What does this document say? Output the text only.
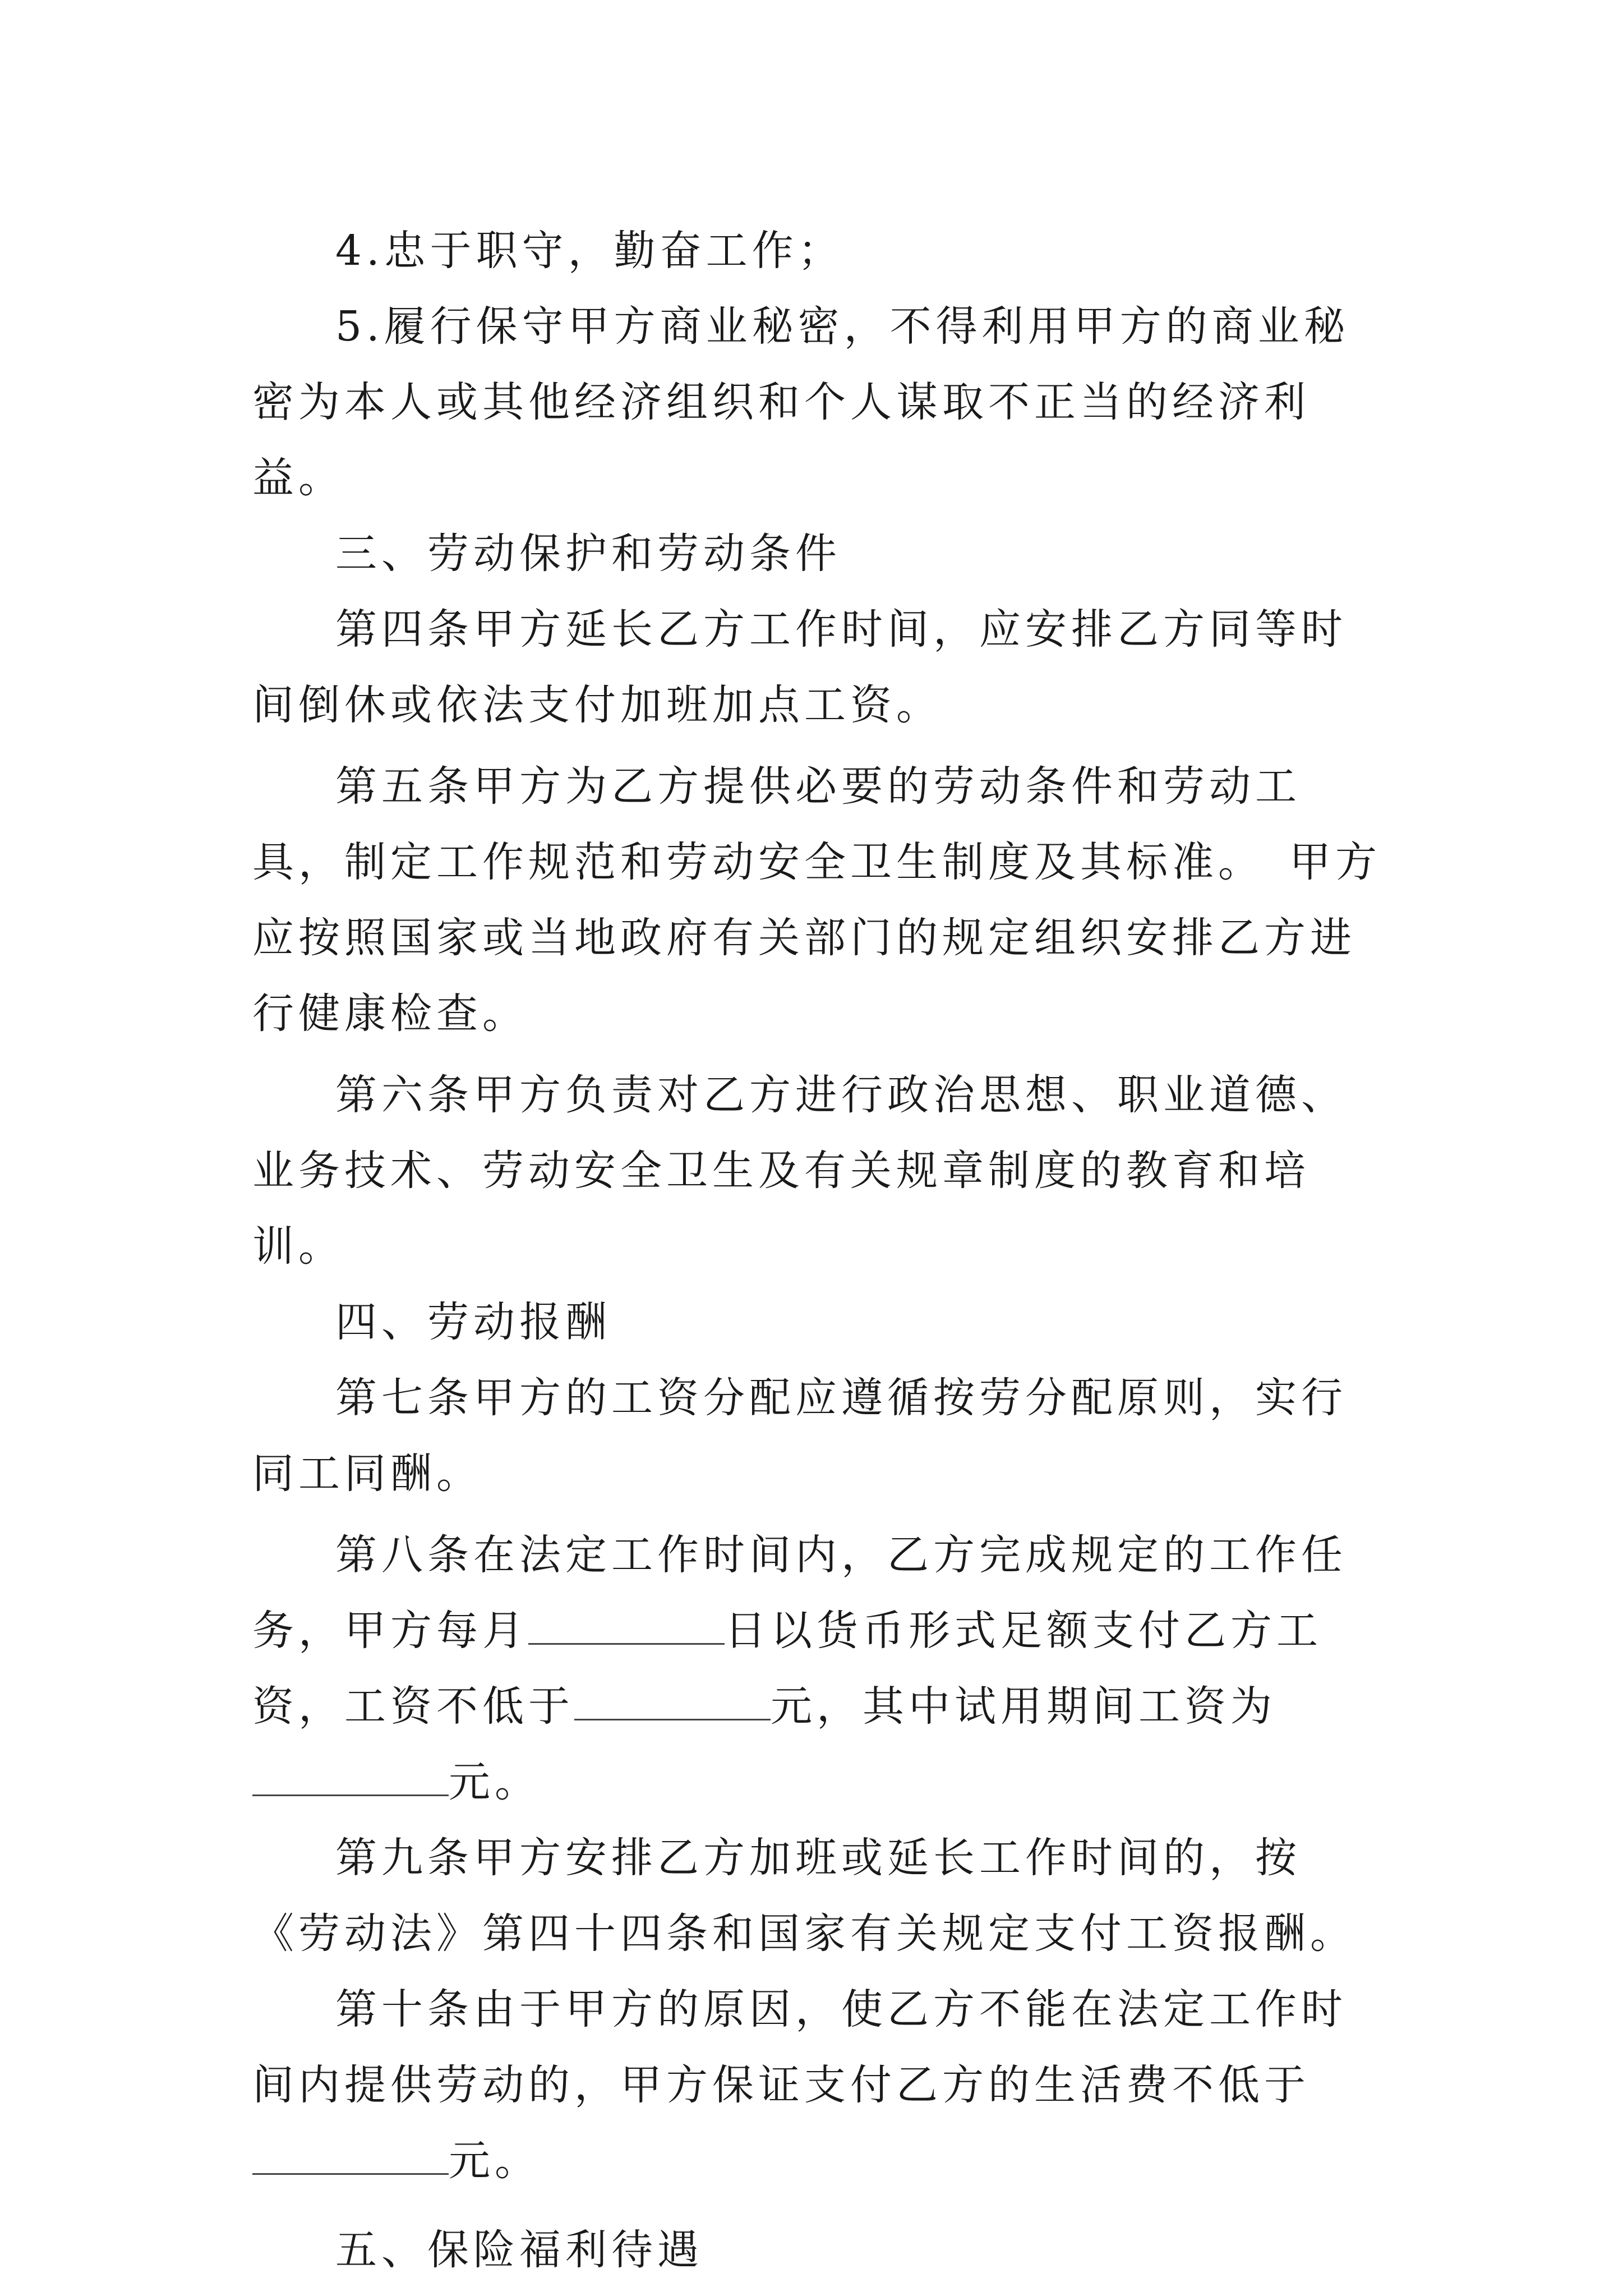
4.忠于职守，勤奋工作；

5.履行保守甲方商业秘密，不得利用甲方的商业秘密为本人或其他经济组织和个人谋取不正当的经济利益。

三、劳动保护和劳动条件

第四条甲方延长乙方工作时间，应安排乙方同等时间倒休或依法支付加班加点工资。

第五条甲方为乙方提供必要的劳动条件和劳动工具，制定工作规范和劳动安全卫生制度及其标准。　甲方应按照国家或当地政府有关部门的规定组织安排乙方进行健康检查。

第六条甲方负责对乙方进行政治思想、职业道德、业务技术、劳动安全卫生及有关规章制度的教育和培训。

四、劳动报酬

第七条甲方的工资分配应遵循按劳分配原则，实行同工同酬。

第八条在法定工作时间内，乙方完成规定的工作任务，甲方每月	日以货币形式足额支付乙方工资，工资不低于	元，其中试用期间工资为元。

第九条甲方安排乙方加班或延长工作时间的，按《劳动法》第四十四条和国家有关规定支付工资报酬。

第十条由于甲方的原因，使乙方不能在法定工作时间内提供劳动的，甲方保证支付乙方的生活费不低于元。

五、保险福利待遇
